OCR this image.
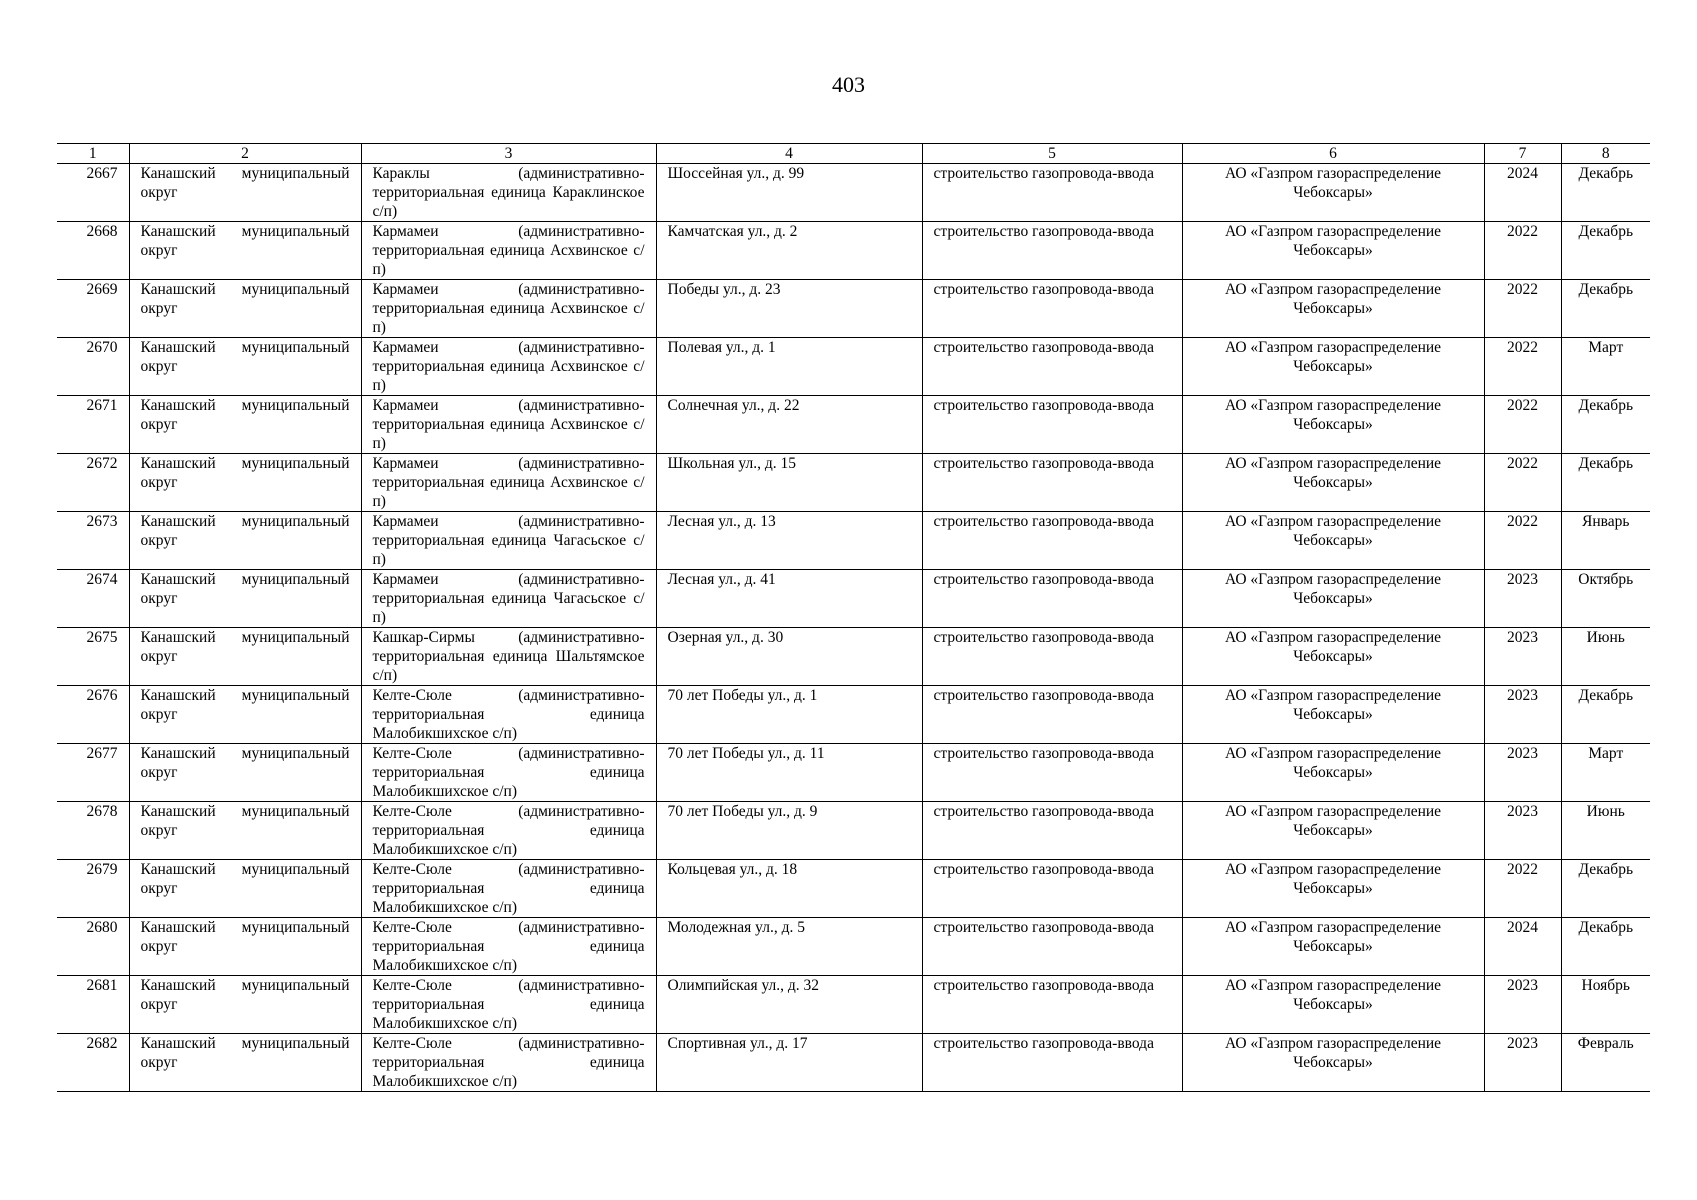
403
1	2	3	4	5	6	7	8
2667	Канашский муниципальный округ	Караклы (административно-территориальная единица Караклинское с/п)	Шоссейная ул., д. 99	строительство газопровода-ввода	АО «Газпром газораспределение Чебоксары»	2024	Декабрь
2668	Канашский муниципальный округ	Кармамеи (административно-территориальная единица Асхвинское с/п)	Камчатская ул., д. 2	строительство газопровода-ввода	АО «Газпром газораспределение Чебоксары»	2022	Декабрь
2669	Канашский муниципальный округ	Кармамеи (административно-территориальная единица Асхвинское с/п)	Победы ул., д. 23	строительство газопровода-ввода	АО «Газпром газораспределение Чебоксары»	2022	Декабрь
2670	Канашский муниципальный округ	Кармамеи (административно-территориальная единица Асхвинское с/п)	Полевая ул., д. 1	строительство газопровода-ввода	АО «Газпром газораспределение Чебоксары»	2022	Март
2671	Канашский муниципальный округ	Кармамеи (административно-территориальная единица Асхвинское с/п)	Солнечная ул., д. 22	строительство газопровода-ввода	АО «Газпром газораспределение Чебоксары»	2022	Декабрь
2672	Канашский муниципальный округ	Кармамеи (административно-территориальная единица Асхвинское с/п)	Школьная ул., д. 15	строительство газопровода-ввода	АО «Газпром газораспределение Чебоксары»	2022	Декабрь
2673	Канашский муниципальный округ	Кармамеи (административно-территориальная единица Чагасьское с/п)	Лесная ул., д. 13	строительство газопровода-ввода	АО «Газпром газораспределение Чебоксары»	2022	Январь
2674	Канашский муниципальный округ	Кармамеи (административно-территориальная единица Чагасьское с/п)	Лесная ул., д. 41	строительство газопровода-ввода	АО «Газпром газораспределение Чебоксары»	2023	Октябрь
2675	Канашский муниципальный округ	Кашкар-Сирмы (административно-территориальная единица Шальтямское с/п)	Озерная ул., д. 30	строительство газопровода-ввода	АО «Газпром газораспределение Чебоксары»	2023	Июнь
2676	Канашский муниципальный округ	Келте-Сюле (административно-территориальная единица Малобикшихское с/п)	70 лет Победы ул., д. 1	строительство газопровода-ввода	АО «Газпром газораспределение Чебоксары»	2023	Декабрь
2677	Канашский муниципальный округ	Келте-Сюле (административно-территориальная единица Малобикшихское с/п)	70 лет Победы ул., д. 11	строительство газопровода-ввода	АО «Газпром газораспределение Чебоксары»	2023	Март
2678	Канашский муниципальный округ	Келте-Сюле (административно-территориальная единица Малобикшихское с/п)	70 лет Победы ул., д. 9	строительство газопровода-ввода	АО «Газпром газораспределение Чебоксары»	2023	Июнь
2679	Канашский муниципальный округ	Келте-Сюле (административно-территориальная единица Малобикшихское с/п)	Кольцевая ул., д. 18	строительство газопровода-ввода	АО «Газпром газораспределение Чебоксары»	2022	Декабрь
2680	Канашский муниципальный округ	Келте-Сюле (административно-территориальная единица Малобикшихское с/п)	Молодежная ул., д. 5	строительство газопровода-ввода	АО «Газпром газораспределение Чебоксары»	2024	Декабрь
2681	Канашский муниципальный округ	Келте-Сюле (административно-территориальная единица Малобикшихское с/п)	Олимпийская ул., д. 32	строительство газопровода-ввода	АО «Газпром газораспределение Чебоксары»	2023	Ноябрь
2682	Канашский муниципальный округ	Келте-Сюле (административно-территориальная единица Малобикшихское с/п)	Спортивная ул., д. 17	строительство газопровода-ввода	АО «Газпром газораспределение Чебоксары»	2023	Февраль
